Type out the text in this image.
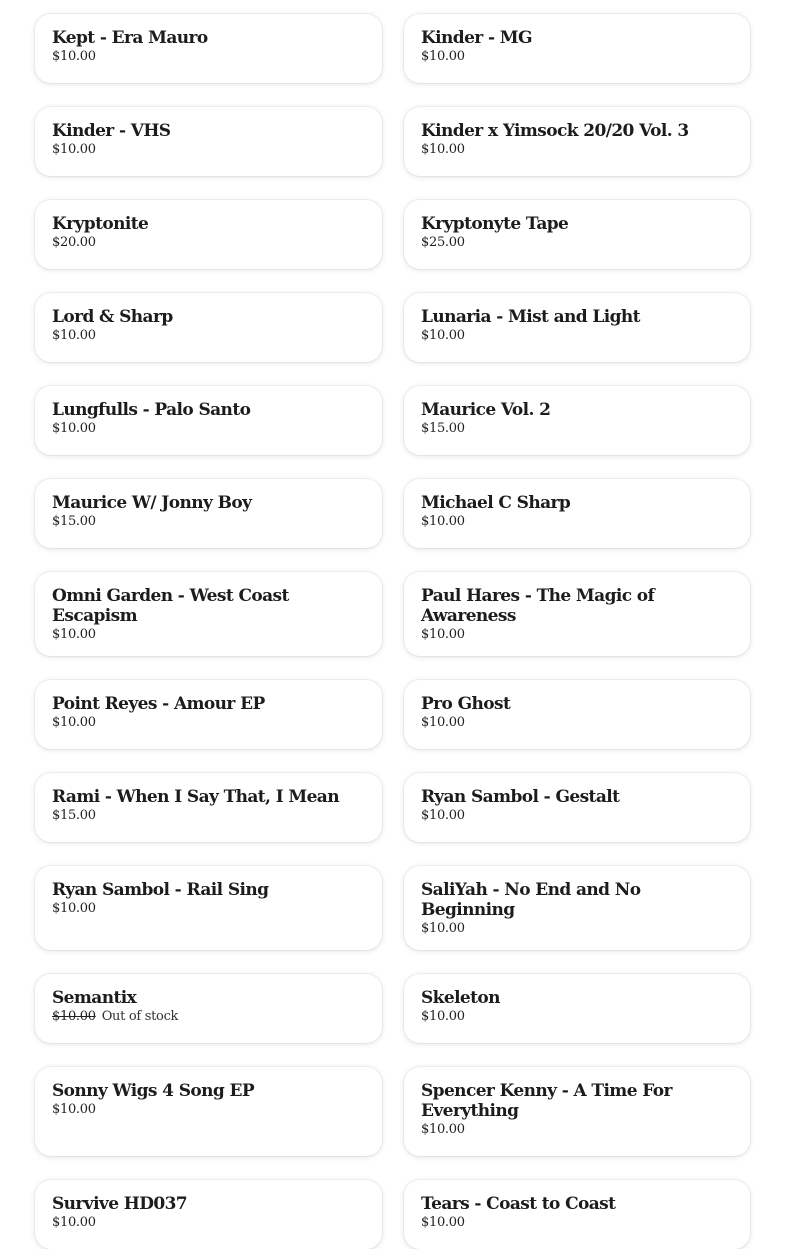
Kept - Era Mauro
$10.00
Kinder - MG
$10.00
Kinder - VHS
$10.00
Kinder x Yimsock 20/20 Vol. 3
$10.00
Kryptonite
$20.00
Kryptonyte Tape
$25.00
Lord & Sharp
$10.00
Lunaria - Mist and Light
$10.00
Lungfulls - Palo Santo
$10.00
Maurice Vol. 2
$15.00
Maurice W/ Jonny Boy
$15.00
Michael C Sharp
$10.00
Omni Garden - West Coast Escapism
$10.00
Paul Hares - The Magic of Awareness
$10.00
Point Reyes - Amour EP
$10.00
Pro Ghost
$10.00
Rami - When I Say That, I Mean
$15.00
Ryan Sambol - Gestalt
$10.00
Ryan Sambol - Rail Sing
$10.00
SaliYah - No End and No Beginning
$10.00
Semantix
$10.00 Out of stock
Skeleton
$10.00
Sonny Wigs 4 Song EP
$10.00
Spencer Kenny - A Time For Everything
$10.00
Survive HD037
$10.00
Tears - Coast to Coast
$10.00
